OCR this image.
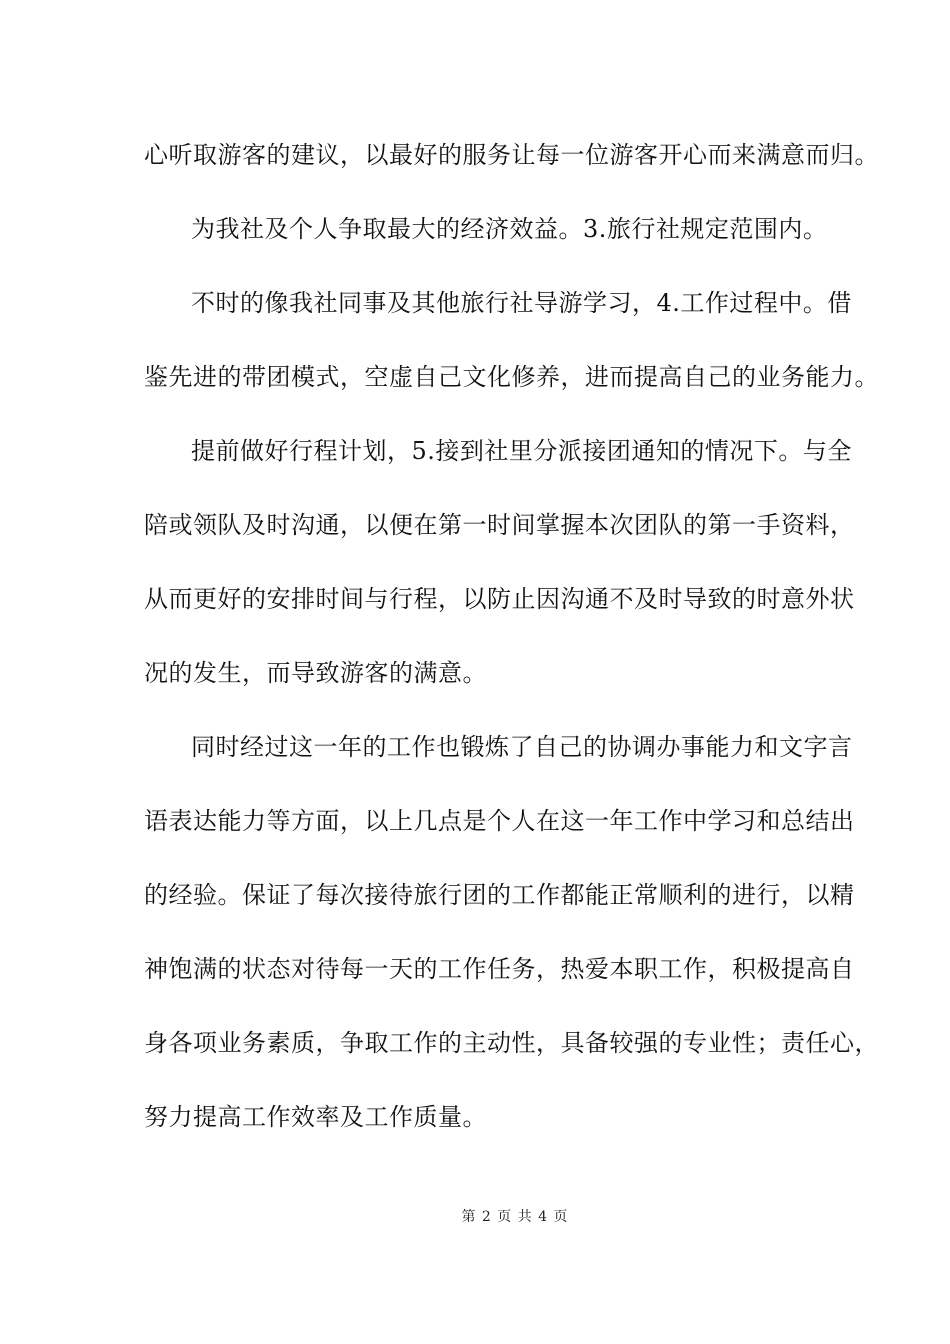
心听取游客的建议，以最好的服务让每一位游客开心而来满意而归。
为我社及个人争取最大的经济效益。3.旅行社规定范围内。
不时的像我社同事及其他旅行社导游学习，4.工作过程中。借
鉴先进的带团模式，空虚自己文化修养，进而提高自己的业务能力。
提前做好行程计划，5.接到社里分派接团通知的情况下。与全
陪或领队及时沟通，以便在第一时间掌握本次团队的第一手资料，
从而更好的安排时间与行程，以防止因沟通不及时导致的时意外状
况的发生，而导致游客的满意。
同时经过这一年的工作也锻炼了自己的协调办事能力和文字言
语表达能力等方面，以上几点是个人在这一年工作中学习和总结出
的经验。保证了每次接待旅行团的工作都能正常顺利的进行，以精
神饱满的状态对待每一天的工作任务，热爱本职工作，积极提高自
身各项业务素质，争取工作的主动性，具备较强的专业性；责任心，
努力提高工作效率及工作质量。
第 2 页 共 4 页
